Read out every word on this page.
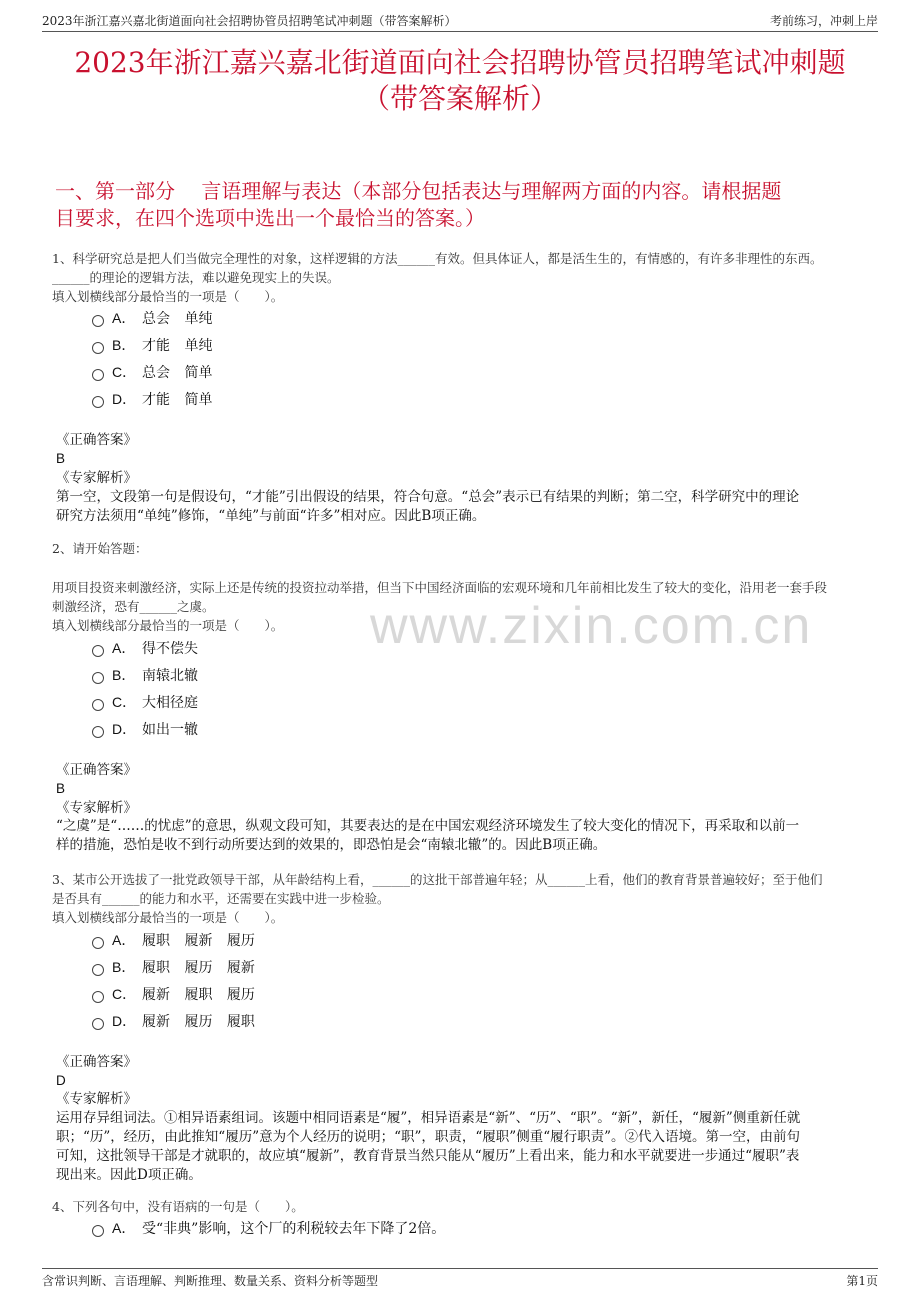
2023年浙江嘉兴嘉北街道面向社会招聘协管员招聘笔试冲刺题（带答案解析）	考前练习，冲刺上岸
www.zixin.com.cn
2023年浙江嘉兴嘉北街道面向社会招聘协管员招聘笔试冲刺题
（带答案解析）
一、第一部分　 言语理解与表达（本部分包括表达与理解两方面的内容。请根据题
目要求，在四个选项中选出一个最恰当的答案。）
1、科学研究总是把人们当做完全理性的对象，这样逻辑的方法______有效。但具体证人，都是活生生的，有情感的，有许多非理性的东西。
______的理论的逻辑方法，难以避免现实上的失误。
填入划横线部分最恰当的一项是（　　）。
A． 总会 单纯
B． 才能 单纯
C． 总会 简单
D． 才能 简单
《正确答案》
B
《专家解析》
第一空，文段第一句是假设句，“才能”引出假设的结果，符合句意。“总会”表示已有结果的判断；第二空，科学研究中的理论
研究方法须用“单纯”修饰，“单纯”与前面“许多”相对应。因此B项正确。
2、请开始答题：
用项目投资来刺激经济，实际上还是传统的投资拉动举措，但当下中国经济面临的宏观环境和几年前相比发生了较大的变化，沿用老一套手段
刺激经济，恐有______之虞。
填入划横线部分最恰当的一项是（　　）。
A． 得不偿失
B． 南辕北辙
C． 大相径庭
D． 如出一辙
《正确答案》
B
《专家解析》
“之虞”是“……的忧虑”的意思，纵观文段可知，其要表达的是在中国宏观经济环境发生了较大变化的情况下，再采取和以前一
样的措施，恐怕是收不到行动所要达到的效果的，即恐怕是会“南辕北辙”的。因此B项正确。
3、某市公开选拔了一批党政领导干部，从年龄结构上看，______的这批干部普遍年轻；从______上看，他们的教育背景普遍较好；至于他们
是否具有______的能力和水平，还需要在实践中进一步检验。
填入划横线部分最恰当的一项是（　　）。
A． 履职 履新 履历
B． 履职 履历 履新
C． 履新 履职 履历
D． 履新 履历 履职
《正确答案》
D
《专家解析》
运用存异组词法。①相异语素组词。该题中相同语素是“履”，相异语素是“新”、“历”、“职”。“新”，新任，“履新”侧重新任就
职；“历”，经历，由此推知“履历”意为个人经历的说明；“职”，职责，“履职”侧重“履行职责”。②代入语境。第一空，由前句
可知，这批领导干部是才就职的，故应填“履新”，教育背景当然只能从“履历”上看出来，能力和水平就要进一步通过“履职”表
现出来。因此D项正确。
4、下列各句中，没有语病的一句是（　　）。
A． 受“非典”影响，这个厂的利税较去年下降了2倍。
含常识判断、言语理解、判断推理、数量关系、资料分析等题型	第1页
